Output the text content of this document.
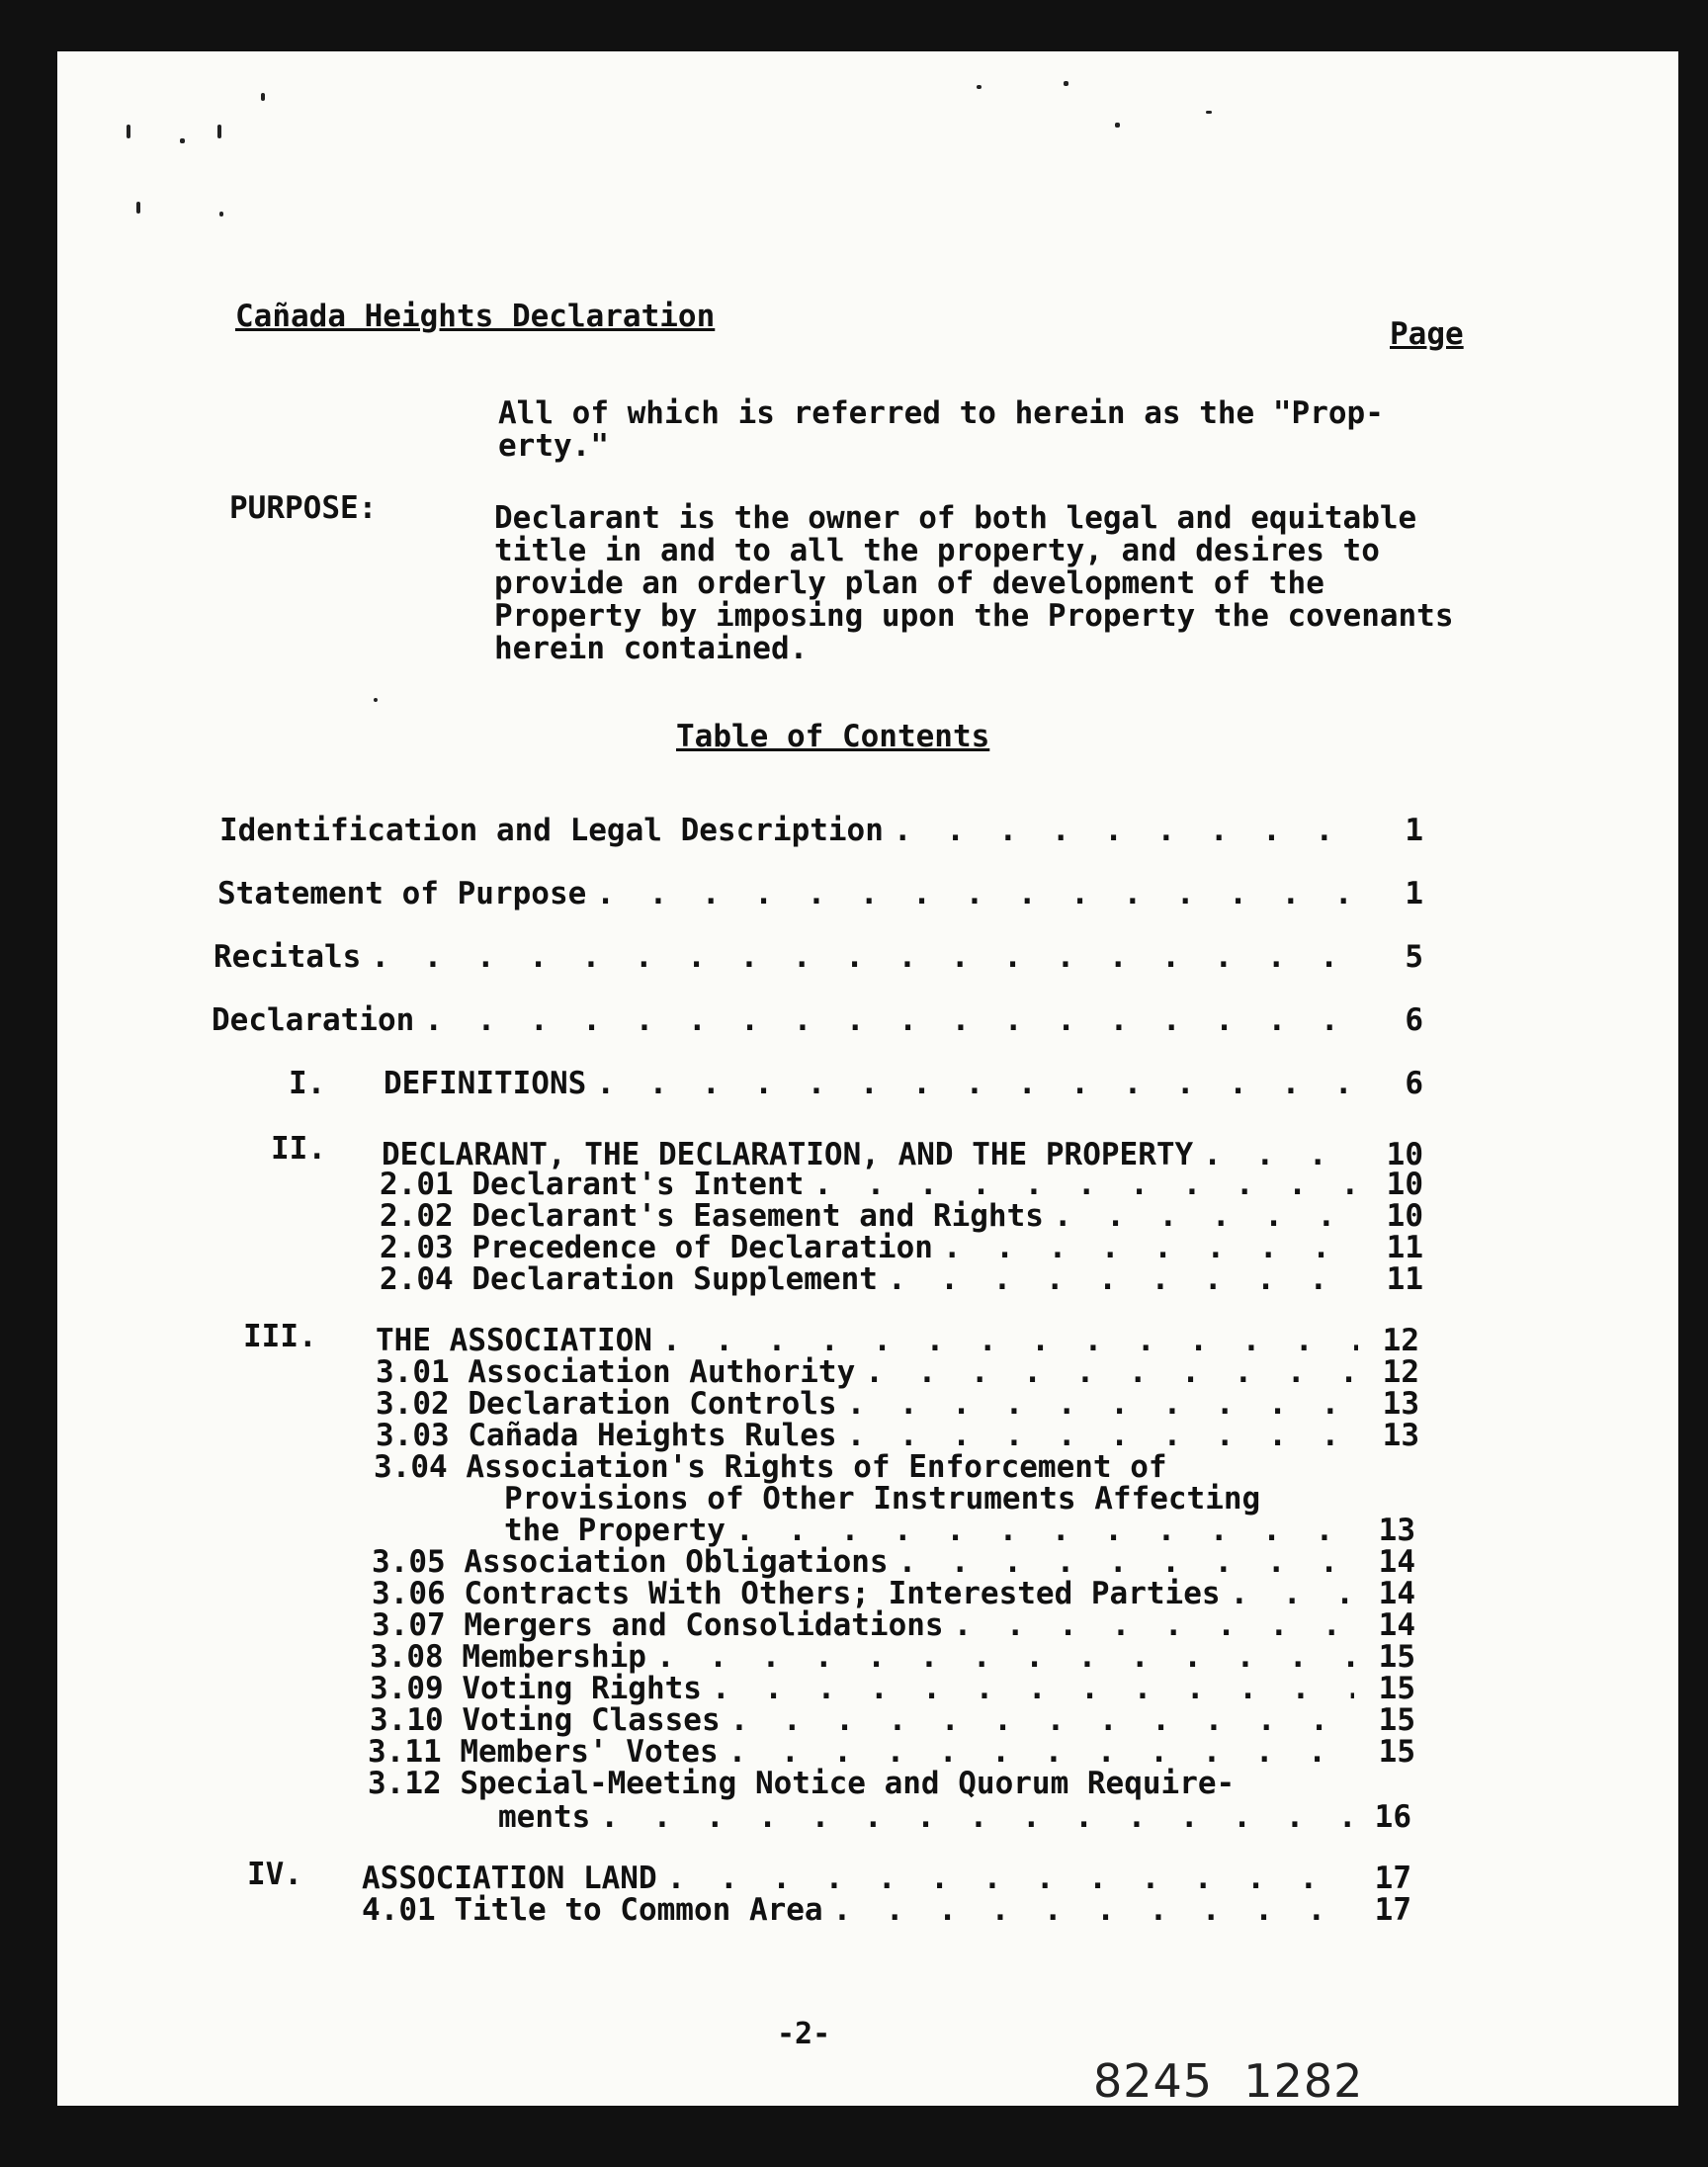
Cañada Heights Declaration	Page
All of which is referred to herein as the "Prop-
erty."
PURPOSE:	Declarant is the owner of both legal and equitable
title in and to all the property, and desires to
provide an orderly plan of development of the
Property by imposing upon the Property the covenants
herein contained.
Table of Contents
Identification and Legal Description . . .	1
Statement of Purpose . . .	1
Recitals . . .	5
Declaration . . .	6
I. DEFINITIONS . . .	6
II. DECLARANT, THE DECLARATION, AND THE PROPERTY . . .	10
2.01 Declarant's Intent . . .	10
2.02 Declarant's Easement and Rights . . .	10
2.03 Precedence of Declaration . . .	11
2.04 Declaration Supplement . . .	11
III. THE ASSOCIATION . . .	12
3.01 Association Authority . . .	12
3.02 Declaration Controls . . .	13
3.03 Cañada Heights Rules . . .	13
3.04 Association's Rights of Enforcement of
Provisions of Other Instruments Affecting
the Property . . .	13
3.05 Association Obligations . . .	14
3.06 Contracts With Others; Interested Parties . . .	14
3.07 Mergers and Consolidations . . .	14
3.08 Membership . . .	15
3.09 Voting Rights . . .	15
3.10 Voting Classes . . .	15
3.11 Members' Votes . . .	15
3.12 Special-Meeting Notice and Quorum Require-
ments . . .	16
IV. ASSOCIATION LAND . . .	17
4.01 Title to Common Area . . .	17
-2-
8245  1282
